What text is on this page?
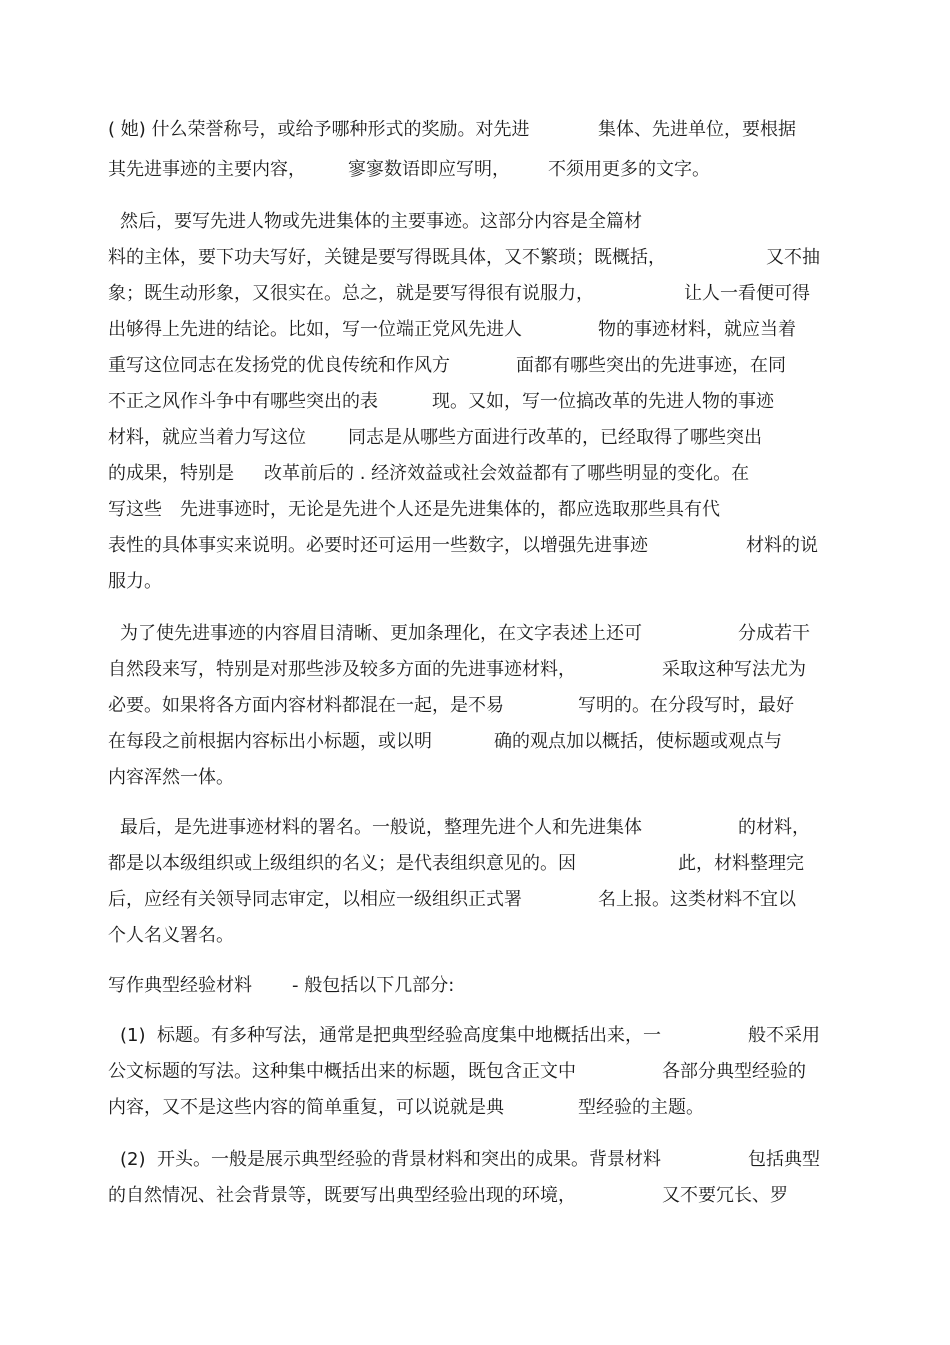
( 她) 什么荣誉称号，或给予哪种形式的奖励。对先进	集体、先进单位，要根据
其先进事迹的主要内容， 寥寥数语即应写明， 不须用更多的文字。
然后，要写先进人物或先进集体的主要事迹。这部分内容是全篇材
料的主体，要下功夫写好，关键是要写得既具体，又不繁琐；既概括，	又不抽
象；既生动形象，又很实在。总之，就是要写得很有说服力，	让人一看便可得
出够得上先进的结论。比如，写一位端正党风先进人	物的事迹材料，就应当着
重写这位同志在发扬党的优良传统和作风方	面都有哪些突出的先进事迹，在同
不正之风作斗争中有哪些突出的表	现。又如，写一位搞改革的先进人物的事迹
材料，就应当着力写这位 同志是从哪些方面进行改革的，已经取得了哪些突出
的成果，特别是 改革前后的 . 经济效益或社会效益都有了哪些明显的变化。在
写这些 先进事迹时，无论是先进个人还是先进集体的，都应选取那些具有代
表性的具体事实来说明。必要时还可运用一些数字，以增强先进事迹	材料的说
服力。
为了使先进事迹的内容眉目清晰、更加条理化，在文字表述上还可	分成若干
自然段来写，特别是对那些涉及较多方面的先进事迹材料，	采取这种写法尤为
必要。如果将各方面内容材料都混在一起，是不易	写明的。在分段写时，最好
在每段之前根据内容标出小标题，或以明	确的观点加以概括，使标题或观点与
内容浑然一体。
最后，是先进事迹材料的署名。一般说，整理先进个人和先进集体	的材料，
都是以本级组织或上级组织的名义；是代表组织意见的。因	此，材料整理完
后，应经有关领导同志审定，以相应一级组织正式署	名上报。这类材料不宜以
个人名义署名。
写作典型经验材料 - 般包括以下几部分:
(1)  标题。有多种写法，通常是把典型经验高度集中地概括出来，一	般不采用
公文标题的写法。这种集中概括出来的标题，既包含正文中	各部分典型经验的
内容，又不是这些内容的简单重复，可以说就是典	型经验的主题。
(2)  开头。一般是展示典型经验的背景材料和突出的成果。背景材料	包括典型
的自然情况、社会背景等，既要写出典型经验出现的环境，	又不要冗长、罗
